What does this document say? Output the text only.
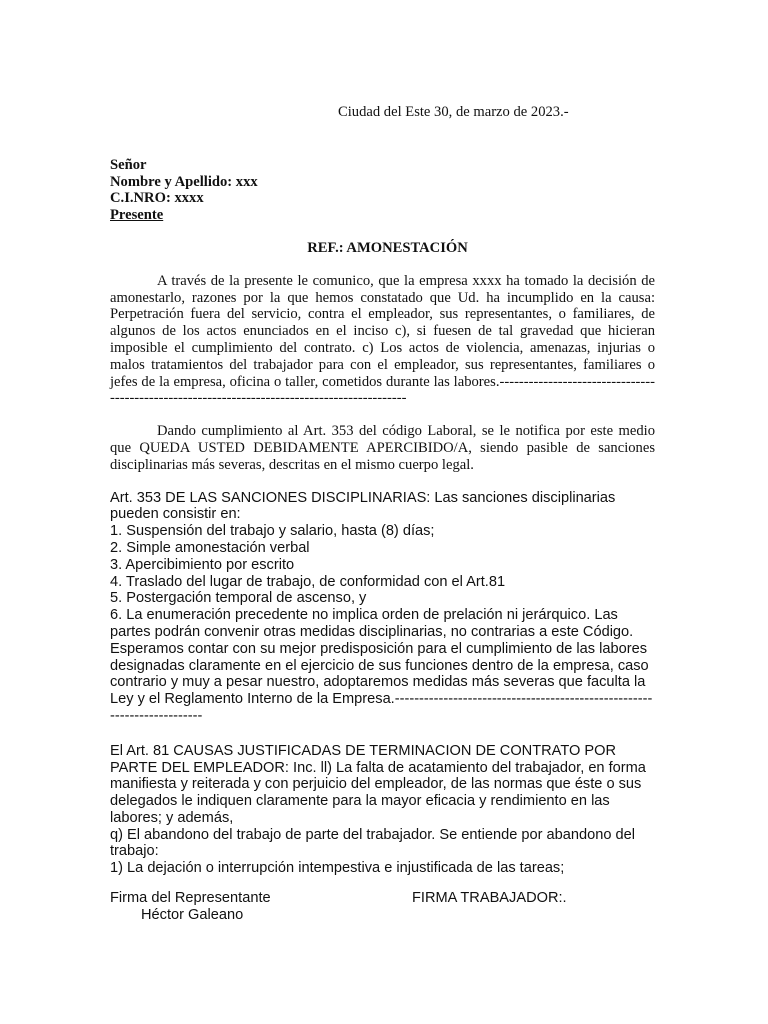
Ciudad del Este 30, de marzo de 2023.-
Señor
Nombre y Apellido: xxx
C.I.NRO: xxxx
Presente
REF.: AMONESTACIÓN
A través de la presente le comunico, que la empresa xxxx ha tomado la decisión de amonestarlo, razones por la que hemos constatado que Ud. ha incumplido en la causa: Perpetración fuera del servicio, contra el empleador, sus representantes, o familiares, de algunos de los actos enunciados en el inciso c), si fuesen de tal gravedad que hicieran imposible el cumplimiento del contrato. c) Los actos de violencia, amenazas, injurias o malos tratamientos del trabajador para con el empleador, sus representantes, familiares o jefes de la empresa, oficina o taller, cometidos durante las labores.---------------------------------------------------------------------------------------------
Dando cumplimiento al Art. 353 del código Laboral, se le notifica por este medio que QUEDA USTED DEBIDAMENTE APERCIBIDO/A, siendo pasible de sanciones disciplinarias más severas, descritas en el mismo cuerpo legal.
Art. 353 DE LAS SANCIONES DISCIPLINARIAS: Las sanciones disciplinarias pueden consistir en:
1. Suspensión del trabajo y salario, hasta (8) días;
2. Simple amonestación verbal
3. Apercibimiento por escrito
4. Traslado del lugar de trabajo, de conformidad con el Art.81
5. Postergación temporal de ascenso, y
6. La enumeración precedente no implica orden de prelación ni jerárquico. Las partes podrán convenir otras medidas disciplinarias, no contrarias a este Código.
Esperamos contar con su mejor predisposición para el cumplimiento de las labores designadas claramente en el ejercicio de sus funciones dentro de la empresa, caso contrario y muy a pesar nuestro, adoptaremos medidas más severas que faculta la Ley y el Reglamento Interno de la Empresa.------------------------------------------------------------------------
El Art. 81 CAUSAS JUSTIFICADAS DE TERMINACION DE CONTRATO POR PARTE DEL EMPLEADOR: Inc. ll) La falta de acatamiento del trabajador, en forma manifiesta y reiterada y con perjuicio del empleador, de las normas que éste o sus delegados le indiquen claramente para la mayor eficacia y rendimiento en las labores; y además,
q) El abandono del trabajo de parte del trabajador. Se entiende por abandono del trabajo:
1) La dejación o interrupción intempestiva e injustificada de las tareas;
Firma del Representante
Héctor Galeano
FIRMA TRABAJADOR:.
